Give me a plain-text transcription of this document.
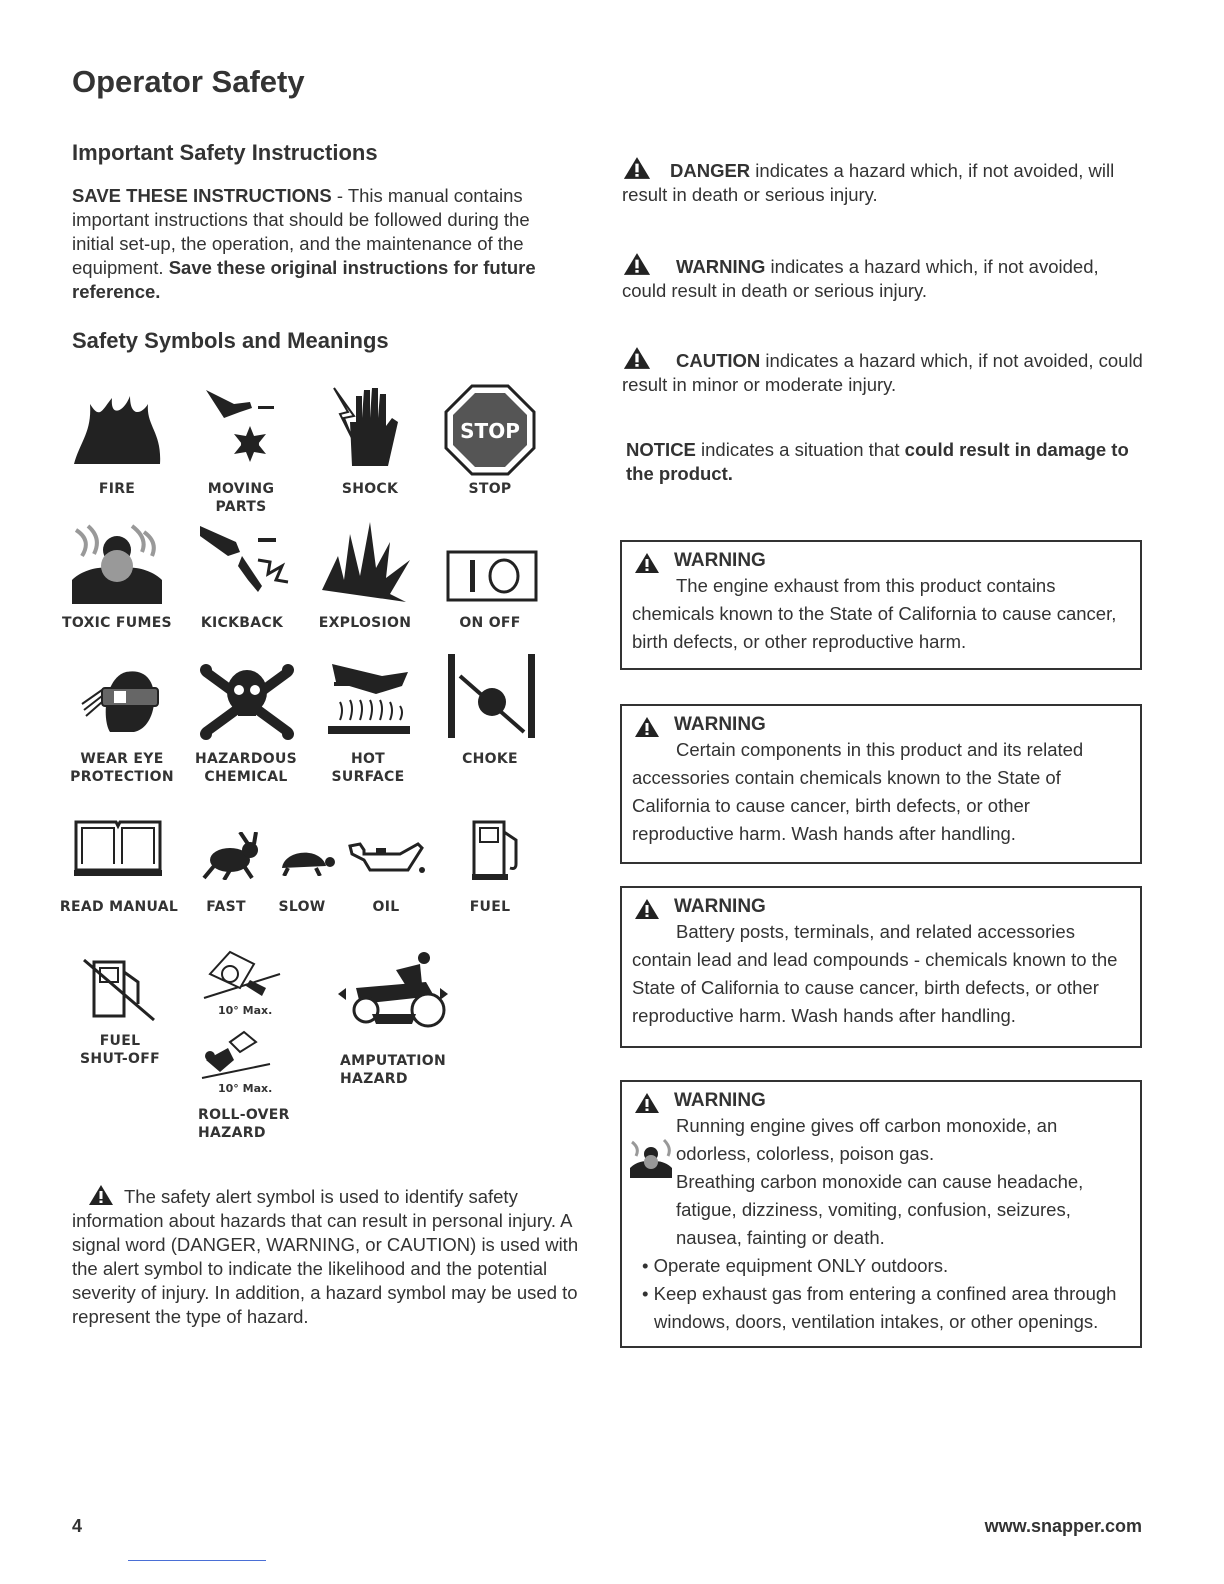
Operator Safety
Important Safety Instructions
SAVE THESE INSTRUCTIONS - This manual contains important instructions that should be followed during the initial set-up, the operation, and the maintenance of the equipment. Save these original instructions for future reference.
Safety Symbols and Meanings
FIRE	MOVING PARTS
SHOCK
STOP
STOP
TOXIC FUMES	KICKBACK	EXPLOSION	ON OFF
WEAR EYE
PROTECTION
HAZARDOUS
CHEMICAL
HOT SURFACE
CHOKE
READ MANUAL	FAST	SLOW	OIL	FUEL
FUEL
SHUT-OFF
10° Max.
10° Max.
ROLL-OVER
HAZARD
AMPUTATION
HAZARD
The safety alert symbol is used to identify safety information about hazards that can result in personal injury. A signal word (DANGER, WARNING, or CAUTION) is used with the alert symbol to indicate the likelihood and the potential severity of injury. In addition, a hazard symbol may be used to represent the type of hazard.
DANGER indicates a hazard which, if not avoided, will result in death or serious injury.
WARNING indicates a hazard which, if not avoided, could result in death or serious injury.
CAUTION indicates a hazard which, if not avoided, could result in minor or moderate injury.
NOTICE indicates a situation that could result in damage to the product.
WARNING

The engine exhaust from this product contains chemicals known to the State of California to cause cancer, birth defects, or other reproductive harm.

WARNING

Certain components in this product and its related accessories contain chemicals known to the State of California to cause cancer, birth defects, or other reproductive harm. Wash hands after handling.

WARNING

Battery posts, terminals, and related accessories contain lead and lead compounds - chemicals known to the State of California to cause cancer, birth defects, or other reproductive harm. Wash hands after handling.

WARNING

Running engine gives off carbon monoxide, an odorless, colorless, poison gas.

Breathing carbon monoxide can cause headache, fatigue, dizziness, vomiting, confusion, seizures, nausea, fainting or death.

• Operate equipment ONLY outdoors.

• Keep exhaust gas from entering a confined area through windows, doors, ventilation intakes, or other openings.

4	www.snapper.com
